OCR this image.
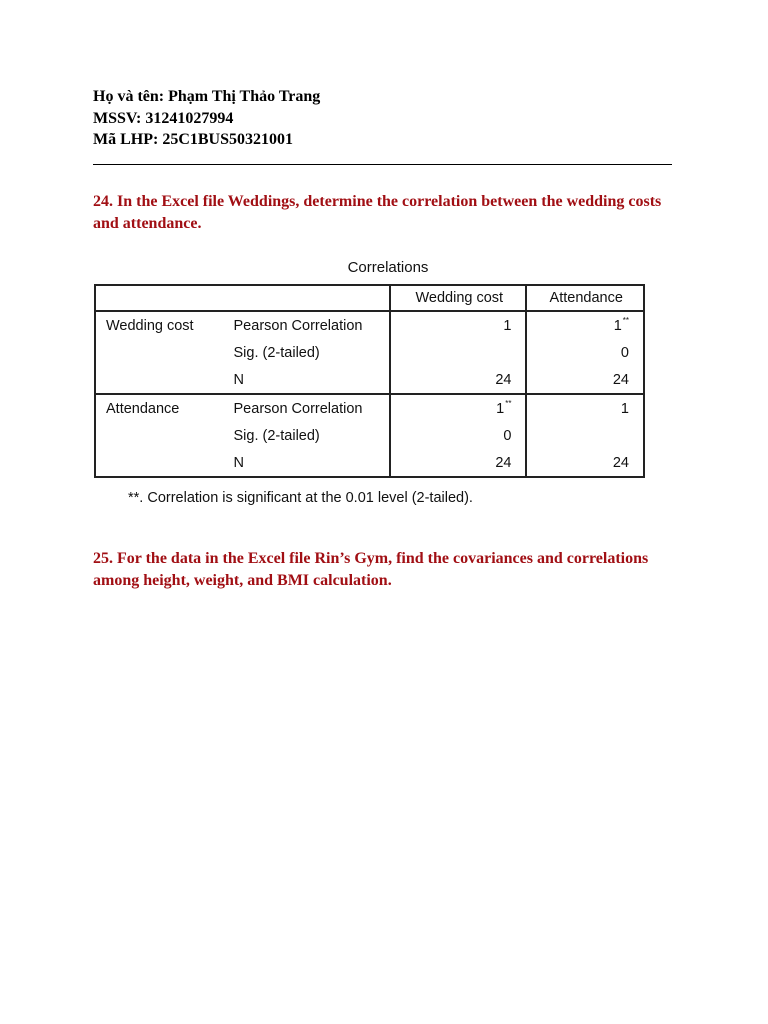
Họ và tên: Phạm Thị Thảo Trang
MSSV: 31241027994
Mã LHP: 25C1BUS50321001
24. In the Excel file Weddings, determine the correlation between the wedding costs and attendance.
Correlations
		Wedding cost	Attendance
Wedding cost	Pearson Correlation	1	1**
	Sig. (2-tailed)		0
	N	24	24
Attendance	Pearson Correlation	1**	1
	Sig. (2-tailed)	0	
	N	24	24
**. Correlation is significant at the 0.01 level (2-tailed).
25. For the data in the Excel file Rin’s Gym, find the covariances and correlations among height, weight, and BMI calculation.
